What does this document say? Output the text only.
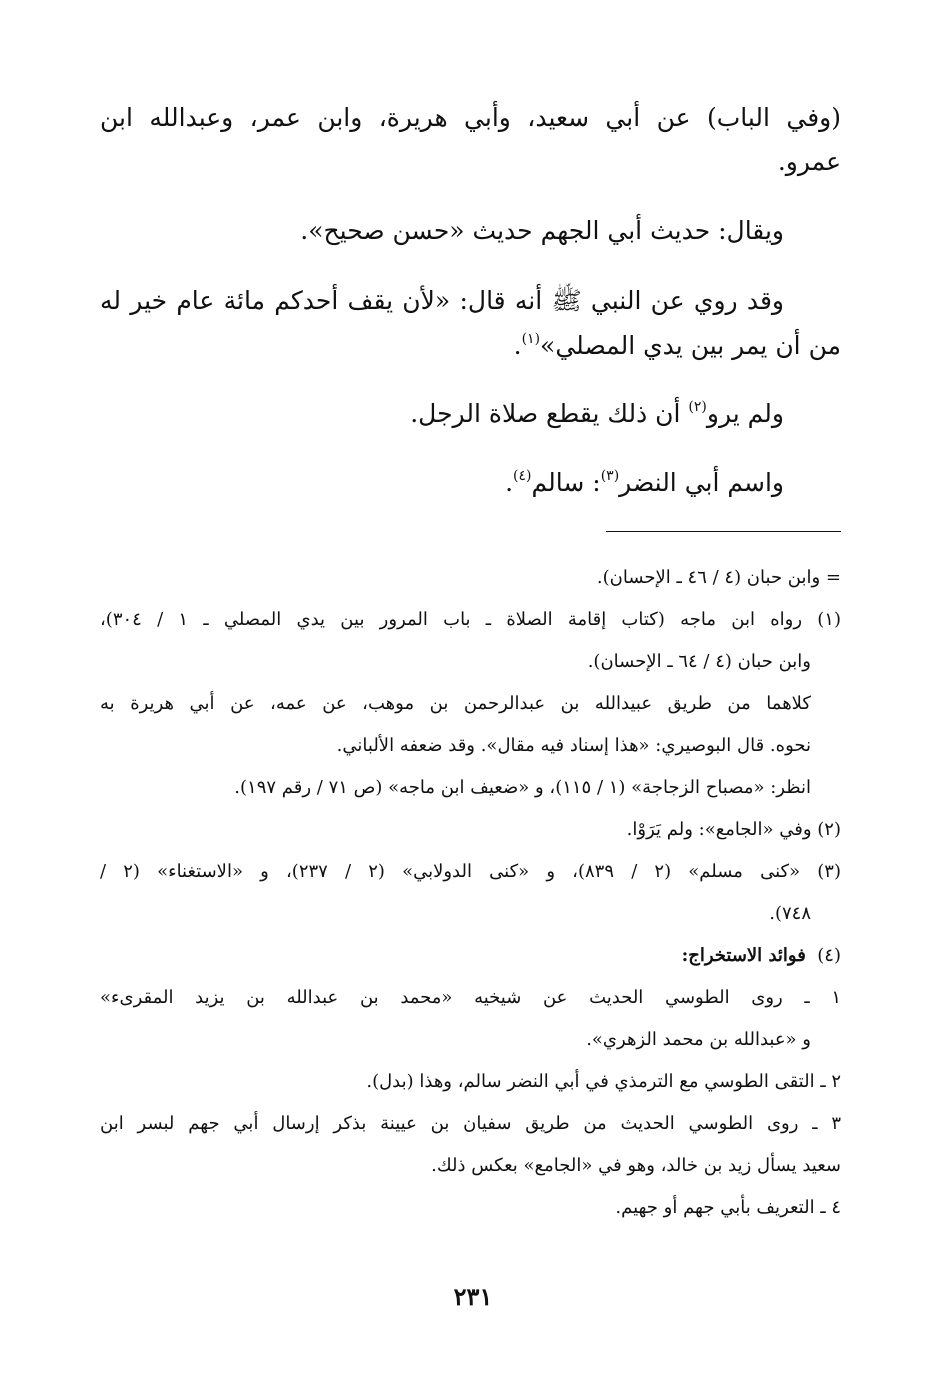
(وفي الباب) عن أبي سعيد، وأبي هريرة، وابن عمر، وعبدالله ابن
عمرو.
ويقال: حديث أبي الجهم حديث «حسن صحيح».
وقد روي عن النبي ﷺ أنه قال: «لأن يقف أحدكم مائة عام خير له
من أن يمر بين يدي المصلي»$^{(١)}$.
ولم يرو$^{(٢)}$ أن ذلك يقطع صلاة الرجل.
واسم أبي النضر$^{(٣)}$: سالم$^{(٤)}$.
= وابن حبان (٤ / ٤٦ ـ الإحسان).
(١) رواه ابن ماجه (كتاب إقامة الصلاة ـ باب المرور بين يدي المصلي ـ ١ / ٣٠٤)،
وابن حبان (٤ / ٦٤ ـ الإحسان).
كلاهما من طريق عبيدالله بن عبدالرحمن بن موهب، عن عمه، عن أبي هريرة به
نحوه. قال البوصيري: «هذا إسناد فيه مقال». وقد ضعفه الألباني.
انظر: «مصباح الزجاجة» (١ / ١١٥)، و «ضعيف ابن ماجه» (ص ٧١ / رقم ١٩٧).
(٢) وفي «الجامع»: ولم يَرَوْا.
(٣) «كنى مسلم» (٢ / ٨٣٩)، و «كنى الدولابي» (٢ / ٢٣٧)، و «الاستغناء» (٢ /
٧٤٨).
(٤)  فوائد الاستخراج:
١ ـ روى الطوسي الحديث عن شيخيه «محمد بن عبدالله بن يزيد المقرىء»
و «عبدالله بن محمد الزهري».
٢ ـ التقى الطوسي مع الترمذي في أبي النضر سالم، وهذا (بدل).
٣ ـ روى الطوسي الحديث من طريق سفيان بن عيينة بذكر إرسال أبي جهم لبسر ابن
سعيد يسأل زيد بن خالد، وهو في «الجامع» بعكس ذلك.
٤ ـ التعريف بأبي جهم أو جهيم.
٢٣١
